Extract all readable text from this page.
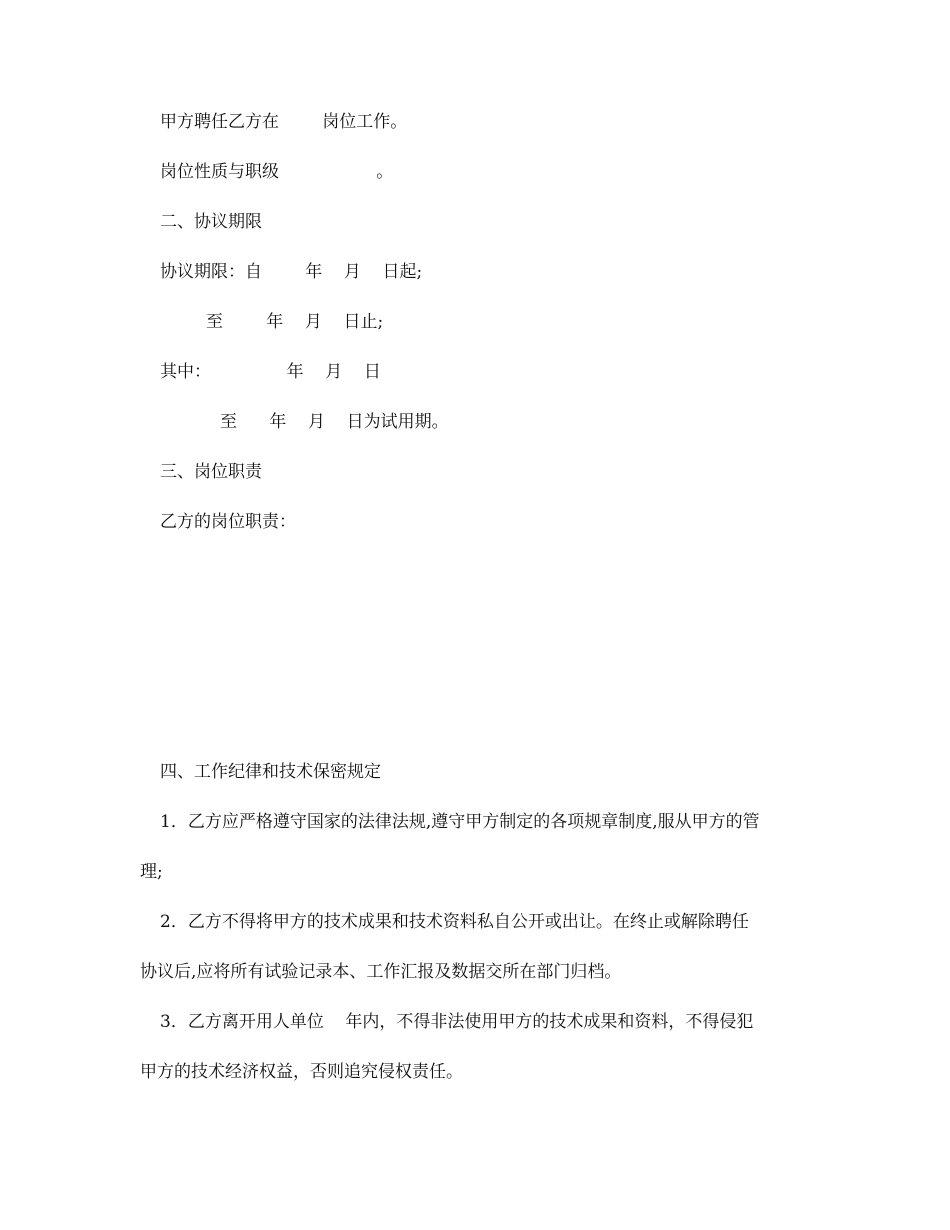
甲方聘任乙方在        岗位工作。

岗位性质与职级                  。

二、协议期限

协议期限：自        年    月    日起;

至        年    月    日止;

其中：              年    月    日

至      年    月    日为试用期。

三、岗位职责

乙方的岗位职责：

四、工作纪律和技术保密规定

1．乙方应严格遵守国家的法律法规,遵守甲方制定的各项规章制度,服从甲方的管

理;

2．乙方不得将甲方的技术成果和技术资料私自公开或出让。在终止或解除聘任

协议后,应将所有试验记录本、工作汇报及数据交所在部门归档。

3．乙方离开用人单位    年内，不得非法使用甲方的技术成果和资料，不得侵犯

甲方的技术经济权益，否则追究侵权责任。
